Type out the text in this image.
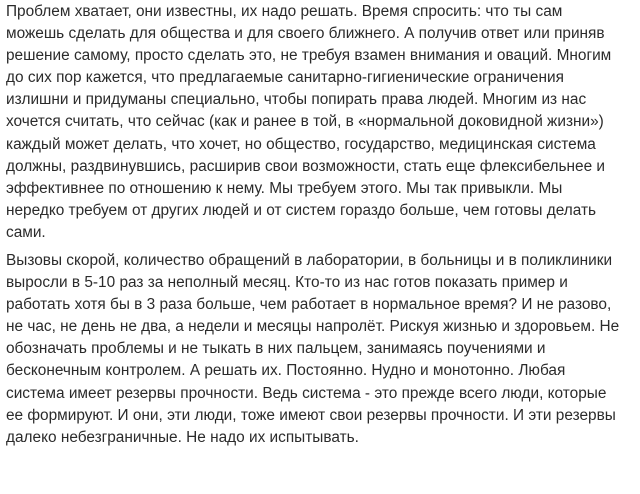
Проблем хватает, они известны, их надо решать. Время спросить: что ты сам
можешь сделать для общества и для своего ближнего. А получив ответ или приняв
решение самому, просто сделать это, не требуя взамен внимания и оваций. Многим
до сих пор кажется, что предлагаемые санитарно-гигиенические ограничения
излишни и придуманы специально, чтобы попирать права людей. Многим из нас
хочется считать, что сейчас (как и ранее в той, в «нормальной доковидной жизни»)
каждый может делать, что хочет, но общество, государство, медицинская система
должны, раздвинувшись, расширив свои возможности, стать еще флексибельнее и
эффективнее по отношению к нему. Мы требуем этого. Мы так привыкли. Мы
нередко требуем от других людей и от систем гораздо больше, чем готовы делать
сами.
Вызовы скорой, количество обращений в лаборатории, в больницы и в поликлиники
выросли в 5-10 раз за неполный месяц. Кто-то из нас готов показать пример и
работать хотя бы в 3 раза больше, чем работает в нормальное время? И не разово,
не час, не день не два, а недели и месяцы напролёт. Рискуя жизнью и здоровьем. Не
обозначать проблемы и не тыкать в них пальцем, занимаясь поучениями и
бесконечным контролем. А решать их. Постоянно. Нудно и монотонно. Любая
система имеет резервы прочности. Ведь система - это прежде всего люди, которые
ее формируют. И они, эти люди, тоже имеют свои резервы прочности. И эти резервы
далеко небезграничные. Не надо их испытывать.
